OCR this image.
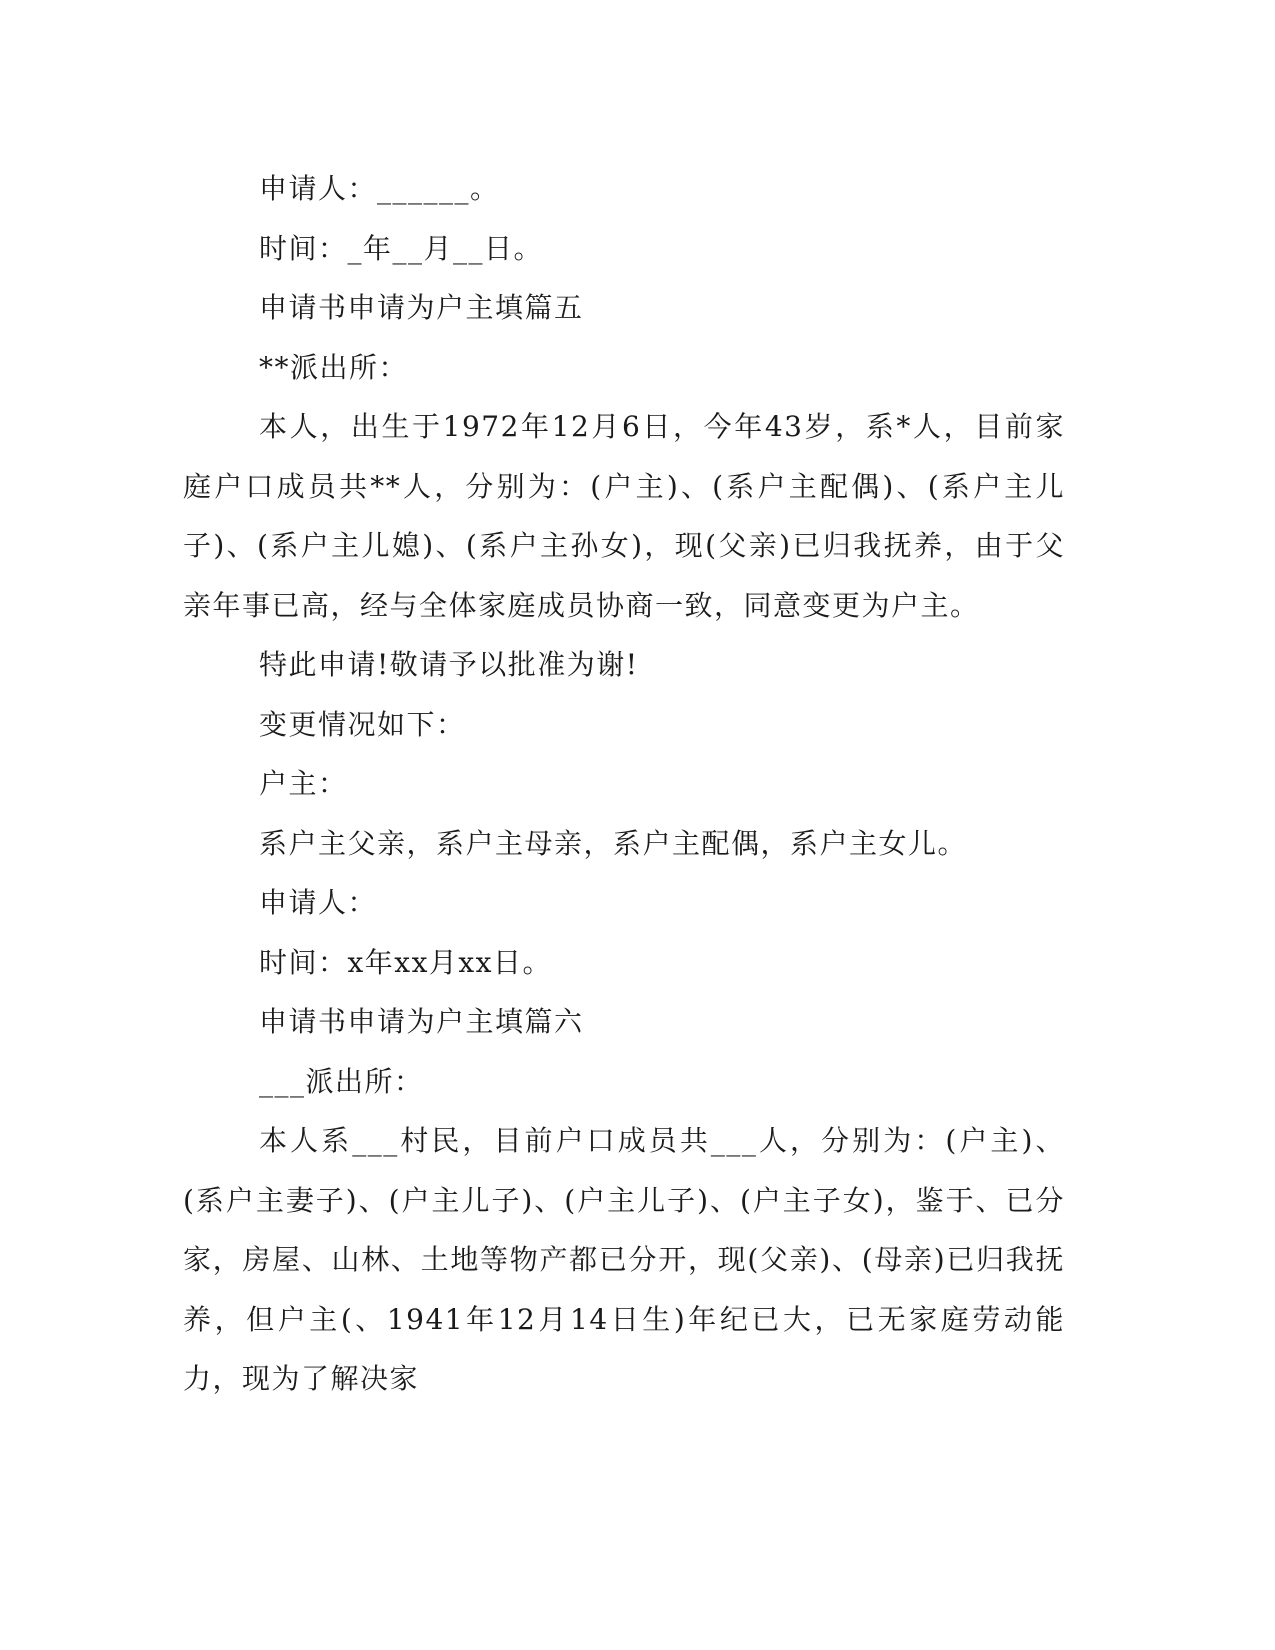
申请人：______。

时间：_年__月__日。

申请书申请为户主填篇五

**派出所：

本人，出生于1972年12月6日，今年43岁，系*人，目前家庭户口成员共**人，分别为：(户主)、(系户主配偶)、(系户主儿子)、(系户主儿媳)、(系户主孙女)，现(父亲)已归我抚养，由于父亲年事已高，经与全体家庭成员协商一致，同意变更为户主。

特此申请!敬请予以批准为谢!

变更情况如下：

户主：

系户主父亲，系户主母亲，系户主配偶，系户主女儿。

申请人：

时间：x年xx月xx日。

申请书申请为户主填篇六

___派出所：

本人系___村民，目前户口成员共___人，分别为：(户主)、(系户主妻子)、(户主儿子)、(户主儿子)、(户主子女)，鉴于、已分家，房屋、山林、土地等物产都已分开，现(父亲)、(母亲)已归我抚养，但户主(、1941年12月14日生)年纪已大，已无家庭劳动能力，现为了解决家
